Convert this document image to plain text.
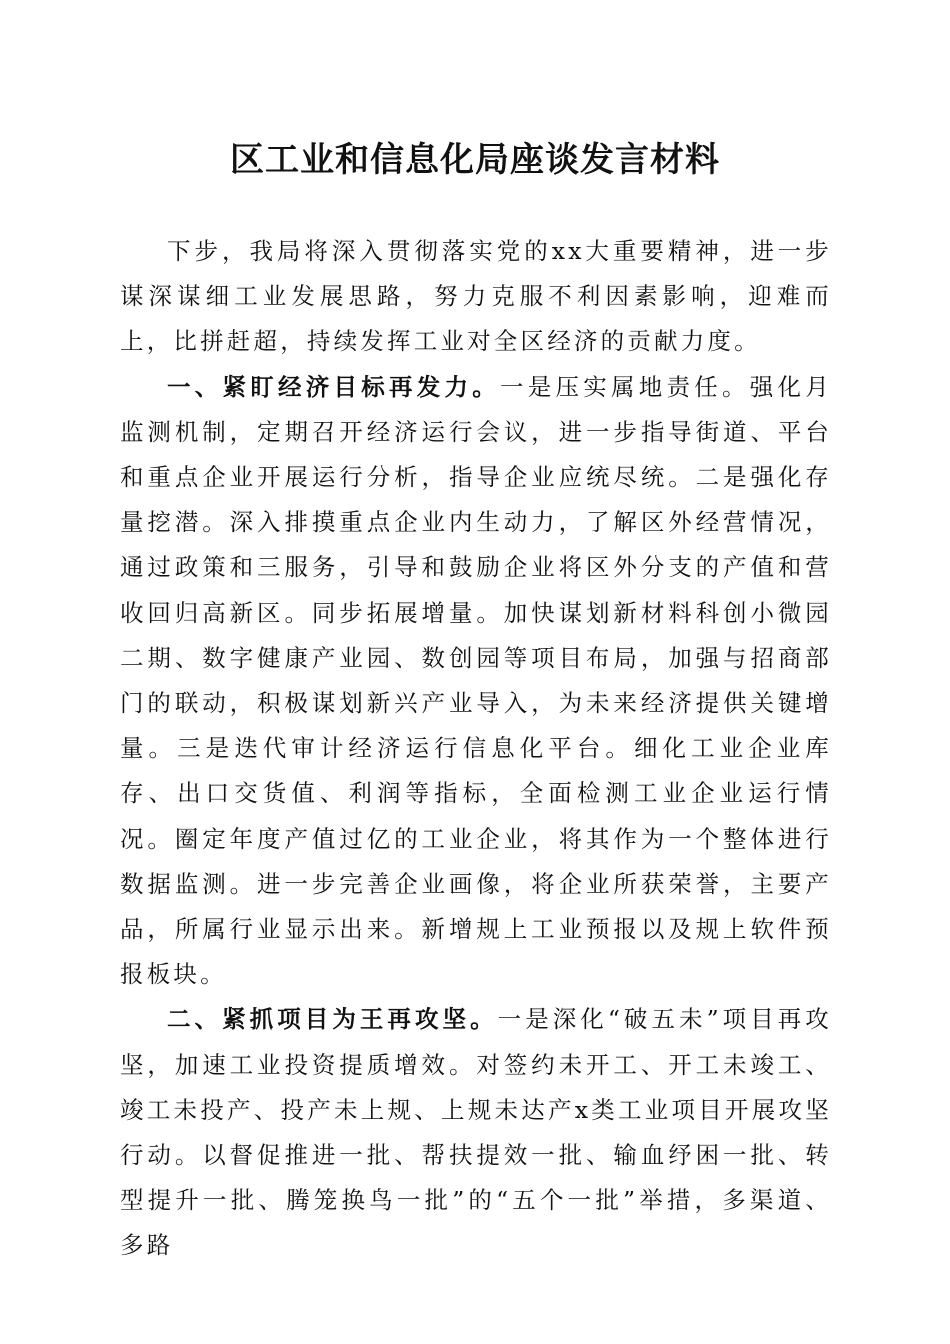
区工业和信息化局座谈发言材料

下步，我局将深入贯彻落实党的xx大重要精神，进一步谋深谋细工业发展思路，努力克服不利因素影响，迎难而上，比拼赶超，持续发挥工业对全区经济的贡献力度。

一、紧盯经济目标再发力。一是压实属地责任。强化月监测机制，定期召开经济运行会议，进一步指导街道、平台和重点企业开展运行分析，指导企业应统尽统。二是强化存量挖潜。深入排摸重点企业内生动力，了解区外经营情况，通过政策和三服务，引导和鼓励企业将区外分支的产值和营收回归高新区。同步拓展增量。加快谋划新材料科创小微园二期、数字健康产业园、数创园等项目布局，加强与招商部门的联动，积极谋划新兴产业导入，为未来经济提供关键增量。三是迭代审计经济运行信息化平台。细化工业企业库存、出口交货值、利润等指标，全面检测工业企业运行情况。圈定年度产值过亿的工业企业，将其作为一个整体进行数据监测。进一步完善企业画像，将企业所获荣誉，主要产品，所属行业显示出来。新增规上工业预报以及规上软件预报板块。

二、紧抓项目为王再攻坚。一是深化“破五未”项目再攻坚，加速工业投资提质增效。对签约未开工、开工未竣工、竣工未投产、投产未上规、上规未达产x类工业项目开展攻坚行动。以督促推进一批、帮扶提效一批、输血纾困一批、转型提升一批、腾笼换鸟一批”的“五个一批”举措，多渠道、多路
